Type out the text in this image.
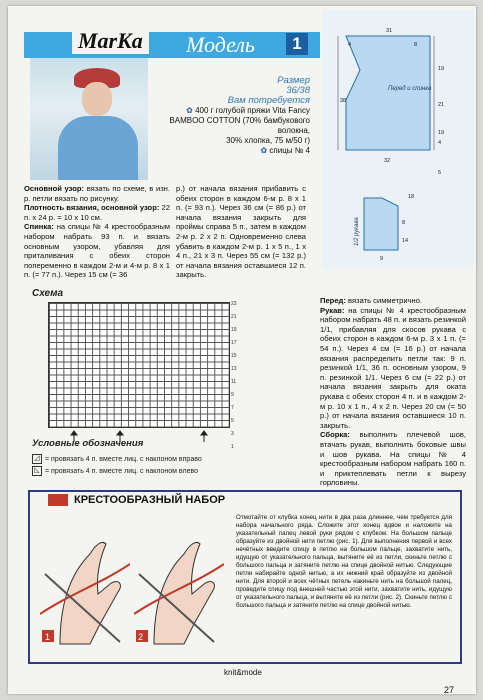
MarKa Модель	1
Размер
36/38
Вам потребуется
✿ 400 г голубой пряжи Vita Fancy
BAMBOO COTTON (70% бамбукового волокна,
30% хлопка, 75 м/50 г)
✿ спицы № 4
Перед и спинка
1/2 рукава
31
4	8
19
21
19
38
4
32
5
18
8
14
9
Основной узор: вязать по схеме, в изн. р. петли вязать по рисунку.
Плотность вязания, основной узор: 22 п. х 24 р. = 10 х 10 см.
Спинка: на спицы № 4 крестообразным набором набрать 93 п. и вязать основным узором, убавляя для приталивания с обеих сторон попеременно в каждом 2-м и 4-м р. 8 х 1 п. (= 77 п.). Через 15 см (= 36
р.) от начала вязания прибавить с обеих сторон в каждом 6-м р. 8 х 1 п. (= 93 п.). Через 36 см (= 86 р.) от начала вязания закрыть для проймы справа 5 п., затем в каждом 2-м р. 2 х 2 п. Одновременно слева убавить в каждом 2-м р. 1 х 5 п., 1 х 4 п., 21 х 3 п. Через 55 см (= 132 р.) от начала вязания оставшиеся 12 п. закрыть.
Перед: вязать симметрично.
Рукав: на спицы № 4 крестообразным набором набрать 48 п. и вязать резинкой 1/1, прибавляя для скосов рукава с обеих сторон в каждом 6-м р. 3 х 1 п. (= 54 п.). Через 4 см (= 16 р.) от начала вязания распределить петли так: 9 п. резинкой 1/1, 36 п. основным узором, 9 п. резинкой 1/1. Через 6 см (= 22 р.) от начала вязания закрыть для оката рукава с обеих сторон 4 п. и в каждом 2-м р. 10 х 1 п., 4 х 2 п. Через 20 см (= 50 р.) от начала вязания оставшиеся 10 п. закрыть.
Сборка: выполнить плечевой шов, втачать рукав, выполнить боковые швы и шов рукава. На спицы № 4 крестообразным набором набрать 160 п. и приктеплевать петли к вырезу горловины.
Схема
23

21

19

17

15

13

11

9

7

5

3

1
Условные обозначения
◿ = провязать 4 п. вместе лиц. с наклоном вправо
◺ = провязать 4 п. вместе лиц. с наклоном влево
КРЕСТООБРАЗНЫЙ НАБОР
1	2
Отмотайте от клубка конец нити в два раза длиннее, чем требуется для набора начального ряда. Сложите этот конец вдвое и наложите на указательный палец левой руки рядом с клубком. На большом пальце образуйте из двойной нити петлю (рис. 1). Для выполнения первой и всех нечётных введите спицу в петлю на большом пальце, захватите нить, идущую от указательного пальца, вытяните её из петли, скиньте петлю с большого пальца и затяните петлю на спице двойной нитью. Следующие петли набирайте одной нитью, а их нижний край образуйте из двойной нити. Для второй и всех чётных петель накиньте нить на большой палец, проведите спицу под внешней частью этой нити, захватите нить, идущую от указательного пальца, и вытяните её из петли (рис. 2). Скиньте петлю с большого пальца и затяните петлю на спице двойной нитью.
knit&mode
27
